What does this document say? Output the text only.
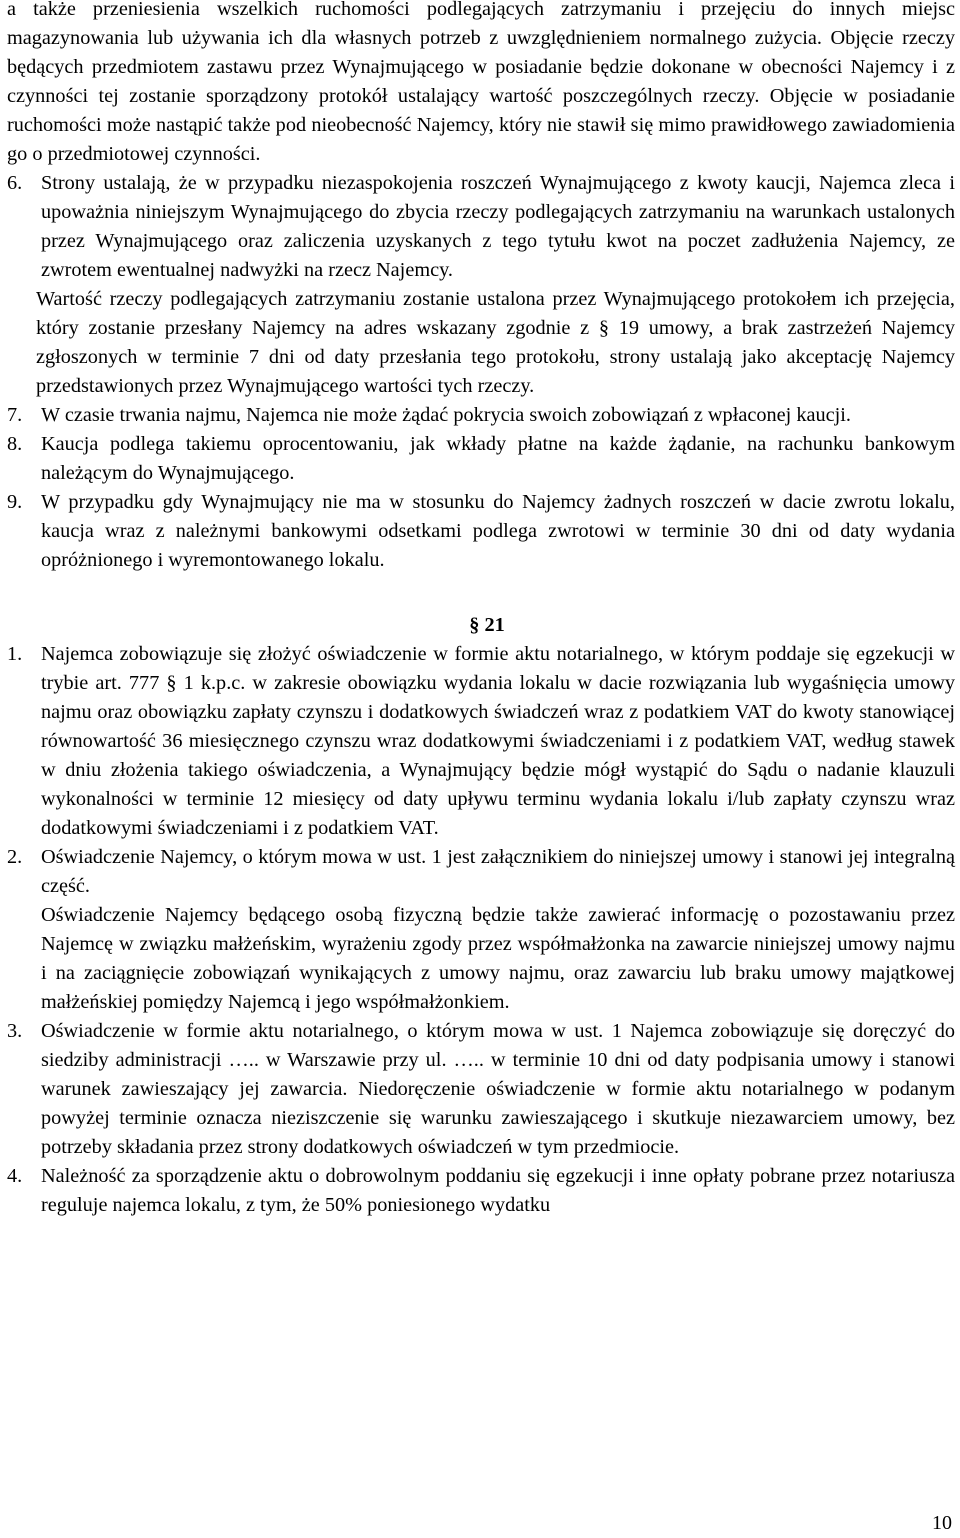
a także przeniesienia wszelkich ruchomości podlegających zatrzymaniu i przejęciu do innych miejsc magazynowania lub używania ich dla własnych potrzeb z uwzględnieniem normalnego zużycia. Objęcie rzeczy będących przedmiotem zastawu przez Wynajmującego w posiadanie będzie dokonane w obecności Najemcy i z czynności tej zostanie sporządzony protokół ustalający wartość poszczególnych rzeczy. Objęcie w posiadanie ruchomości może nastąpić także pod nieobecność Najemcy, który nie stawił się mimo prawidłowego zawiadomienia go o przedmiotowej czynności.

6. Strony ustalają, że w przypadku niezaspokojenia roszczeń Wynajmującego z kwoty kaucji, Najemca zleca i upoważnia niniejszym Wynajmującego do zbycia rzeczy podlegających zatrzymaniu na warunkach ustalonych przez Wynajmującego oraz zaliczenia uzyskanych z tego tytułu kwot na poczet zadłużenia Najemcy, ze zwrotem ewentualnej nadwyżki na rzecz Najemcy.

Wartość rzeczy podlegających zatrzymaniu zostanie ustalona przez Wynajmującego protokołem ich przejęcia, który zostanie przesłany Najemcy na adres wskazany zgodnie z § 19 umowy, a brak zastrzeżeń Najemcy zgłoszonych w terminie 7 dni od daty przesłania tego protokołu, strony ustalają jako akceptację Najemcy przedstawionych przez Wynajmującego wartości tych rzeczy.

7. W czasie trwania najmu, Najemca nie może żądać pokrycia swoich zobowiązań z wpłaconej kaucji.
8. Kaucja podlega takiemu oprocentowaniu, jak wkłady płatne na każde żądanie, na rachunku bankowym należącym do Wynajmującego.
9. W przypadku gdy Wynajmujący nie ma w stosunku do Najemcy żadnych roszczeń w dacie zwrotu lokalu, kaucja wraz z należnymi bankowymi odsetkami podlega zwrotowi w terminie 30 dni od daty wydania opróżnionego i wyremontowanego lokalu.

§ 21

1. Najemca zobowiązuje się złożyć oświadczenie w formie aktu notarialnego, w którym poddaje się egzekucji w trybie art. 777 § 1 k.p.c. w zakresie obowiązku wydania lokalu w dacie rozwiązania lub wygaśnięcia umowy najmu oraz obowiązku zapłaty czynszu i dodatkowych świadczeń wraz z podatkiem VAT do kwoty stanowiącej równowartość 36 miesięcznego czynszu wraz dodatkowymi świadczeniami i z podatkiem VAT, według stawek w dniu złożenia takiego oświadczenia, a Wynajmujący będzie mógł wystąpić do Sądu o nadanie klauzuli wykonalności w terminie 12 miesięcy od daty upływu terminu wydania lokalu i/lub zapłaty czynszu wraz dodatkowymi świadczeniami i z podatkiem VAT.
2. Oświadczenie Najemcy, o którym mowa w ust. 1 jest załącznikiem do niniejszej umowy i stanowi jej integralną część.

Oświadczenie Najemcy będącego osobą fizyczną będzie także zawierać informację o pozostawaniu przez Najemcę w związku małżeńskim, wyrażeniu zgody przez współmałżonka na zawarcie niniejszej umowy najmu i na zaciągnięcie zobowiązań wynikających z umowy najmu, oraz zawarciu lub braku umowy majątkowej małżeńskiej pomiędzy Najemcą i jego współmałżonkiem.

3. Oświadczenie w formie aktu notarialnego, o którym mowa w ust. 1 Najemca zobowiązuje się doręczyć do siedziby administracji ….. w Warszawie przy ul. ….. w terminie 10 dni od daty podpisania umowy i stanowi warunek zawieszający jej zawarcia. Niedoręczenie oświadczenie w formie aktu notarialnego w podanym powyżej terminie oznacza nieziszczenie się warunku zawieszającego i skutkuje niezawarciem umowy, bez potrzeby składania przez strony dodatkowych oświadczeń w tym przedmiocie.
4. Należność za sporządzenie aktu o dobrowolnym poddaniu się egzekucji i inne opłaty pobrane przez notariusza reguluje najemca lokalu, z tym, że 50% poniesionego wydatku
10
